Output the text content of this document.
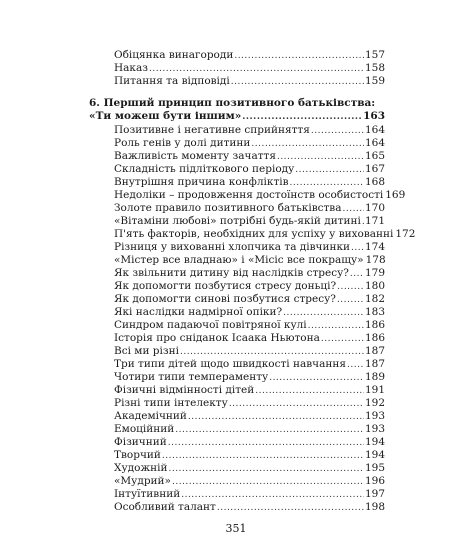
Обіцянка винагороди .....	157
Наказ .....	158
Питання та відповіді .....	159
6. Перший принцип позитивного батьківства:
«Ти можеш бути іншим» .....	163
Позитивне і негативне сприйняття .....	164
Роль генів у долі дитини .....	164
Важливість моменту зачаття .....	165
Складність підліткового періоду .....	167
Внутрішня причина конфліктів .....	168
Недоліки – продовження достоїнств особистості 169
Золоте правило позитивного батьківства ..... 170
«Вітаміни любові» потрібні будь-якій дитині ..... 171
П'ять факторів, необхідних для успіху у вихованні 172
Різниця у вихованні хлопчика та дівчинки ..... 174
«Містер все владнаю» і «Місіс все покращу» 178
Як звільнити дитину від наслідків стресу? ..... 179
Як допомогти позбутися стресу доньці? .....	180
Як допомогти синові позбутися стресу? .....	182
Які наслідки надмірної опіки? .....	183
Синдром падаючої повітряної кулі .....	186
Історія про сніданок Ісаака Ньютона .....	186
Всі ми різні .....	187
Три типи дітей щодо швидкості навчання ..... 187
Чотири типи темпераменту .....	189
Фізичні відмінності дітей .....	191
Різні типи інтелекту .....	192
Академічний .....	193
Емоційний .....	193
Фізичний .....	194
Творчий .....	194
Художній .....	195
«Мудрий» .....	196
Інтуїтивний .....	197
Особливий талант .....	198
351
